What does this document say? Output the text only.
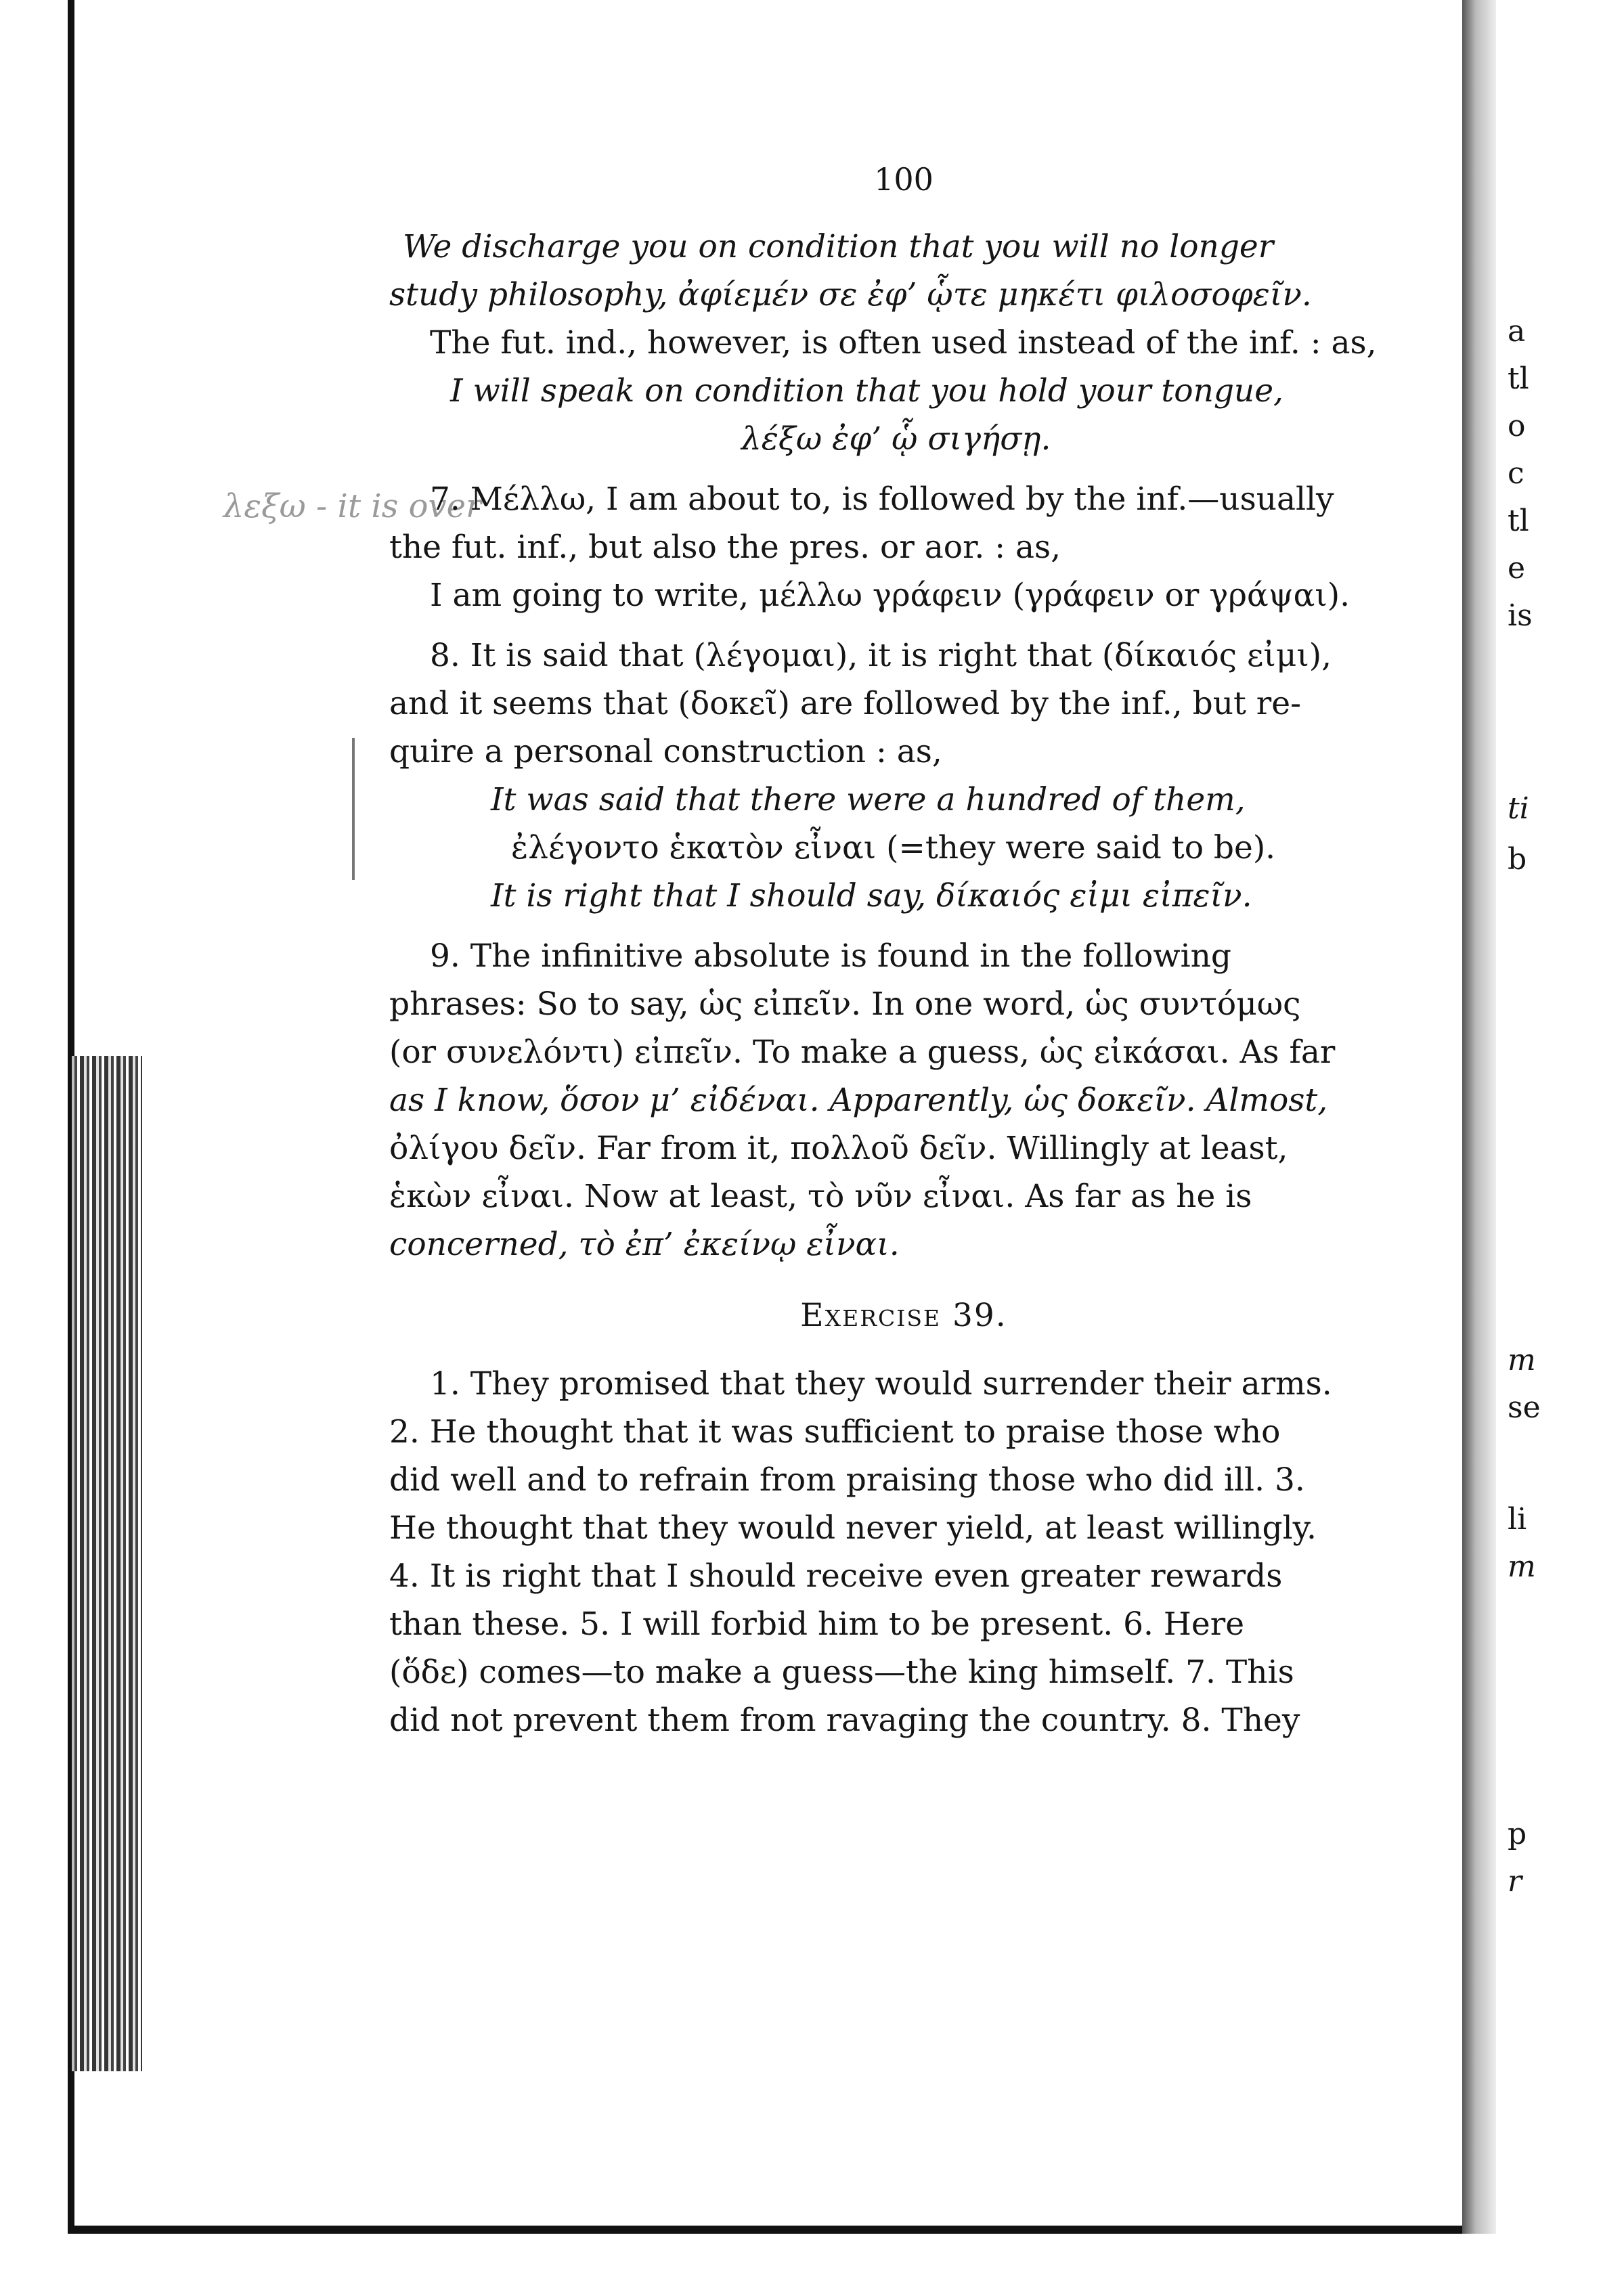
a
tl
o
c
tl
e
is
ti
b
m
se
li
m
p
r
λεξω - it is over
100

We discharge you on condition that you will no longer

study philosophy, ἀφίεμέν σε ἐφ’ ᾧτε μηκέτι φιλοσοφεῖν.

The fut. ind., however, is often used instead of the inf. : as,

I will speak on condition that you hold your tongue,

λέξω ἐφ’ ᾧ σιγήσῃ.

7. Μέλλω, I am about to, is followed by the inf.—usually

the fut. inf., but also the pres. or aor. : as,

I am going to write, μέλλω γράφειν (γράφειν or γράψαι).

8. It is said that (λέγομαι), it is right that (δίκαιός εἰμι),

and it seems that (δοκεῖ) are followed by the inf., but re-

quire a personal construction : as,

It was said that there were a hundred of them,

ἐλέγοντο ἑκατὸν εἶναι (=they were said to be).

It is right that I should say, δίκαιός εἰμι εἰπεῖν.

9. The infinitive absolute is found in the following

phrases: So to say, ὡς εἰπεῖν. In one word, ὡς συντόμως

(or συνελόντι) εἰπεῖν. To make a guess, ὡς εἰκάσαι. As far

as I know, ὅσον μ’ εἰδέναι. Apparently, ὡς δοκεῖν. Almost,

ὀλίγου δεῖν. Far from it, πολλοῦ δεῖν. Willingly at least,

ἑκὼν εἶναι. Now at least, τὸ νῦν εἶναι. As far as he is

concerned, τὸ ἐπ’ ἐκείνῳ εἶναι.

Exercise 39.

1. They promised that they would surrender their arms.

2. He thought that it was sufficient to praise those who

did well and to refrain from praising those who did ill. 3.

He thought that they would never yield, at least willingly.

4. It is right that I should receive even greater rewards

than these. 5. I will forbid him to be present. 6. Here

(ὅδε) comes—to make a guess—the king himself. 7. This

did not prevent them from ravaging the country. 8. They
